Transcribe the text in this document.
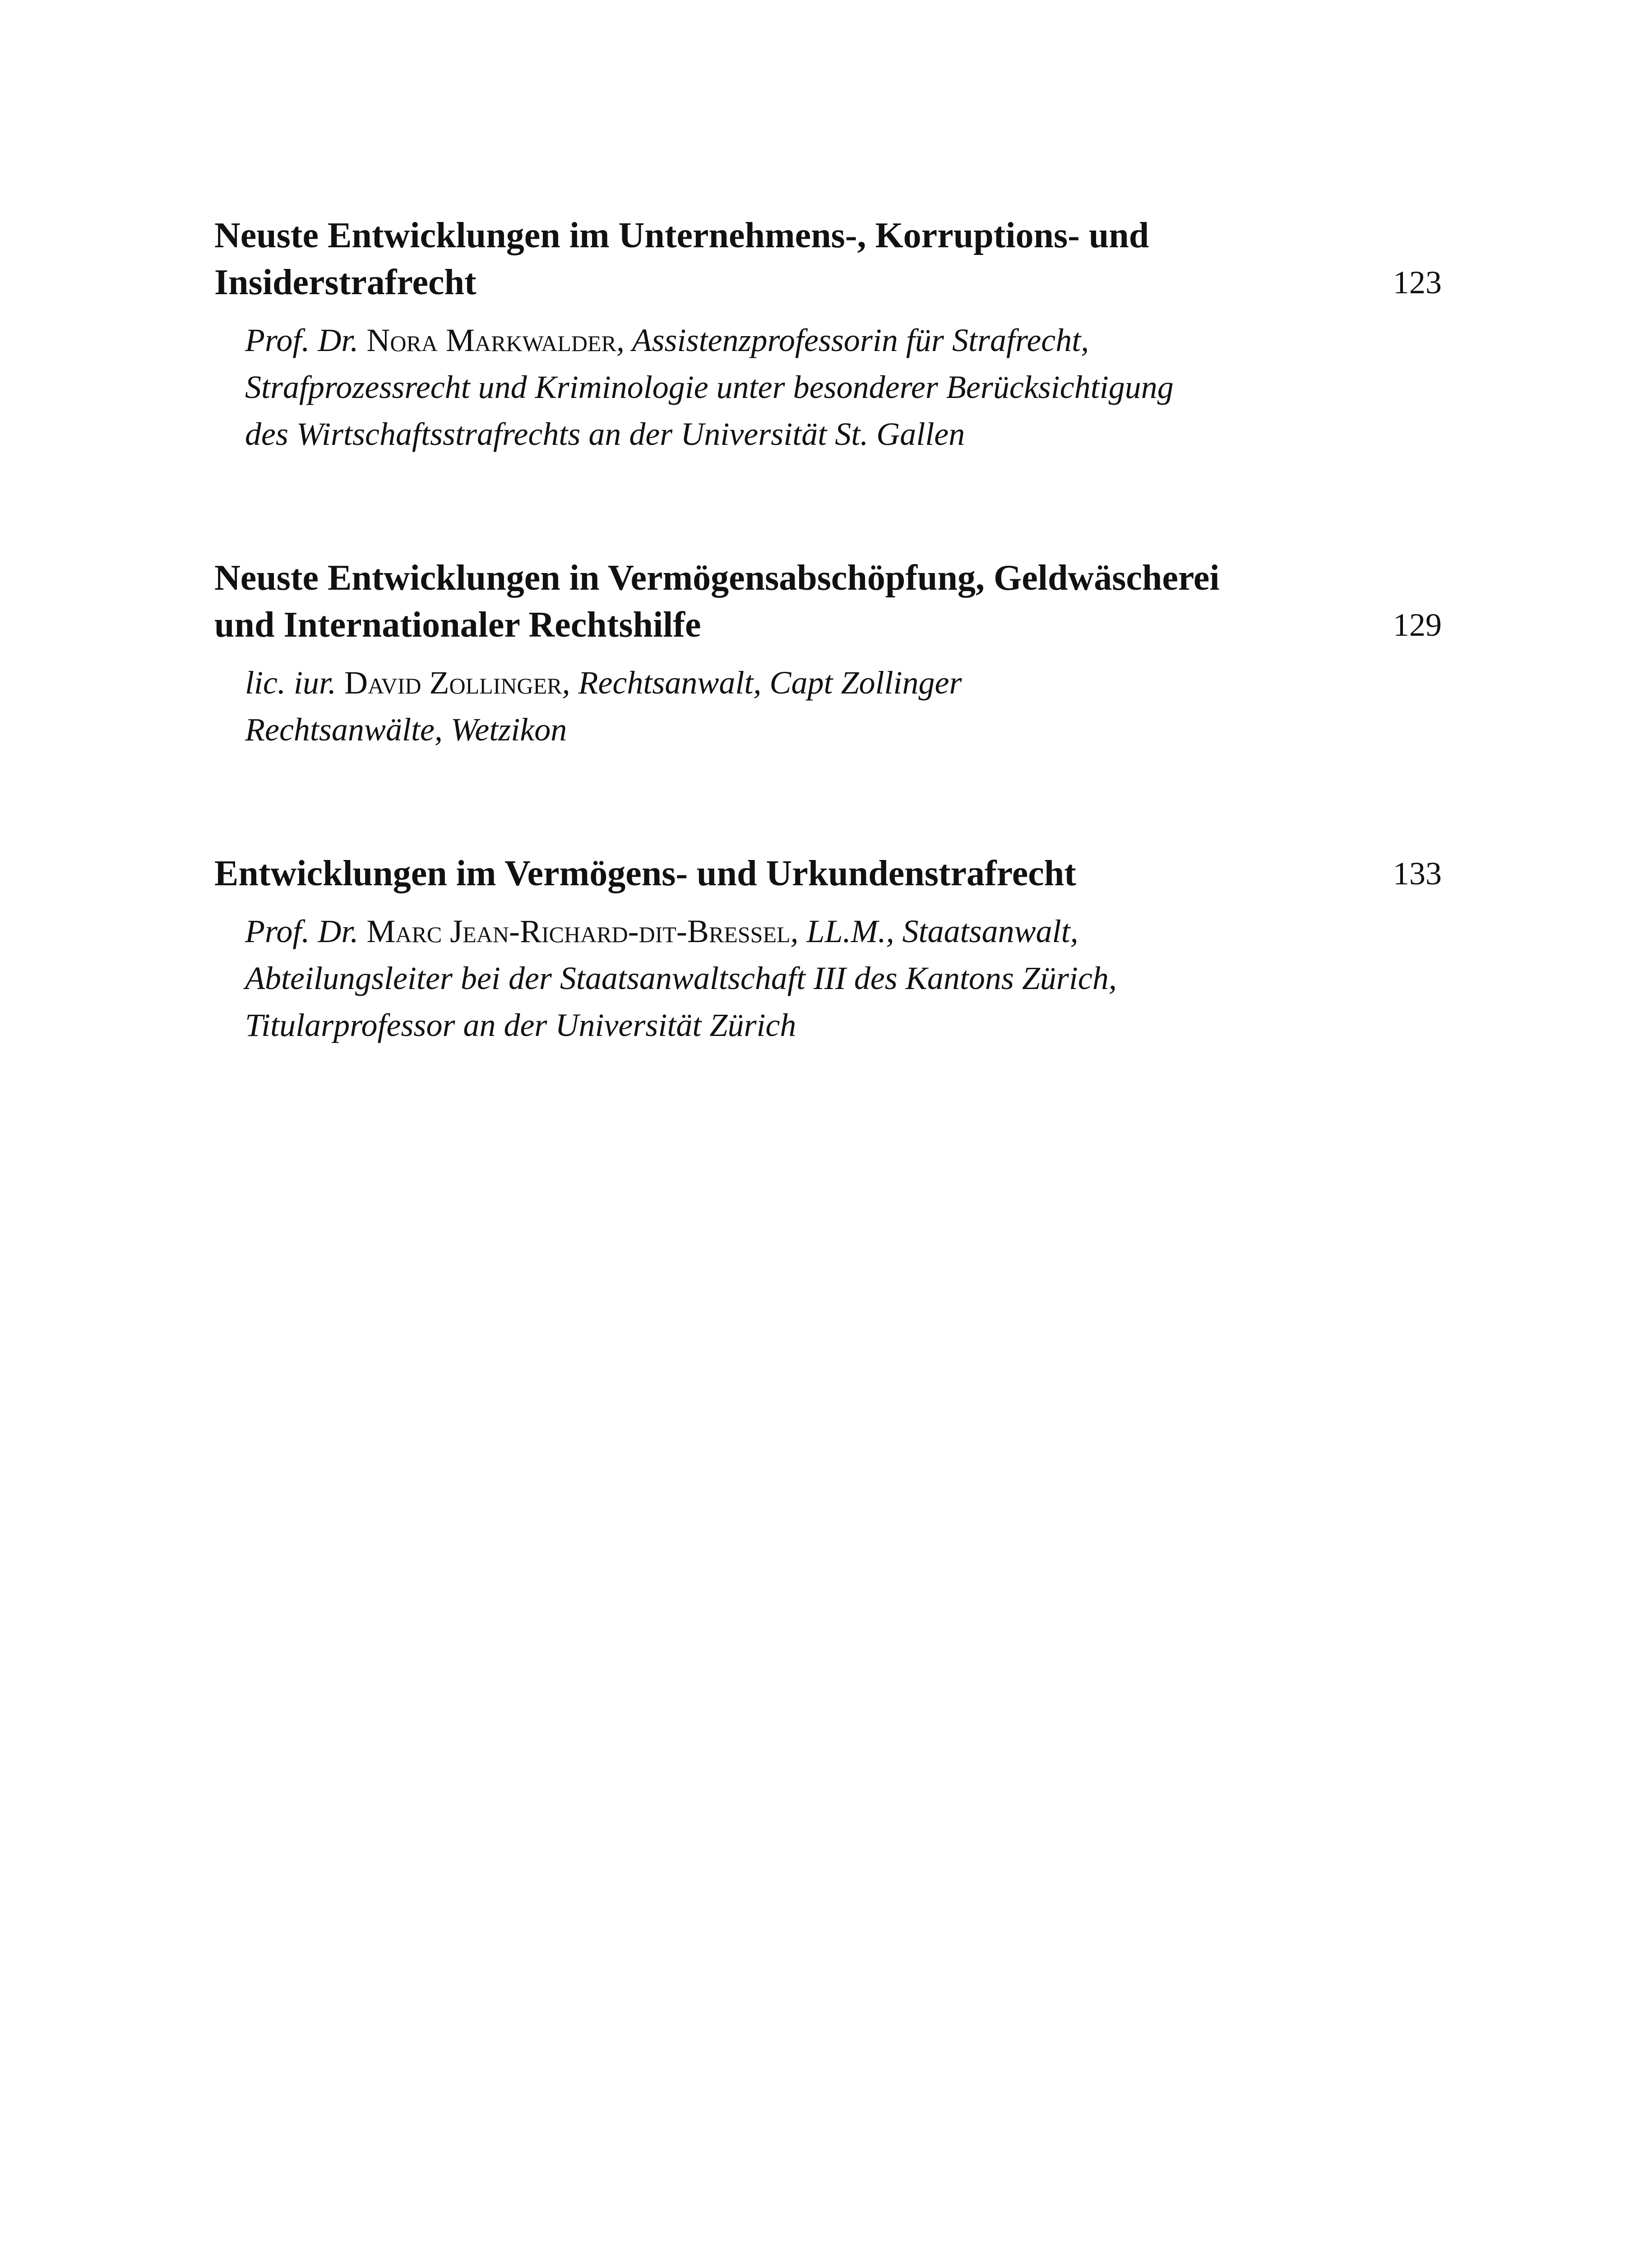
Neuste Entwicklungen im Unternehmens-, Korruptions- und
Insiderstrafrecht	123
Prof. Dr. Nora Markwalder, Assistenzprofessorin für Strafrecht,
Strafprozessrecht und Kriminologie unter besonderer Berücksichtigung
des Wirtschaftsstrafrechts an der Universität St. Gallen
Neuste Entwicklungen in Vermögensabschöpfung, Geldwäscherei
und Internationaler Rechtshilfe	129
lic. iur. David Zollinger, Rechtsanwalt, Capt Zollinger
Rechtsanwälte, Wetzikon
Entwicklungen im Vermögens- und Urkundenstrafrecht	133
Prof. Dr. Marc Jean-Richard-dit-Bressel, LL.M., Staatsanwalt,
Abteilungsleiter bei der Staatsanwaltschaft III des Kantons Zürich,
Titularprofessor an der Universität Zürich
